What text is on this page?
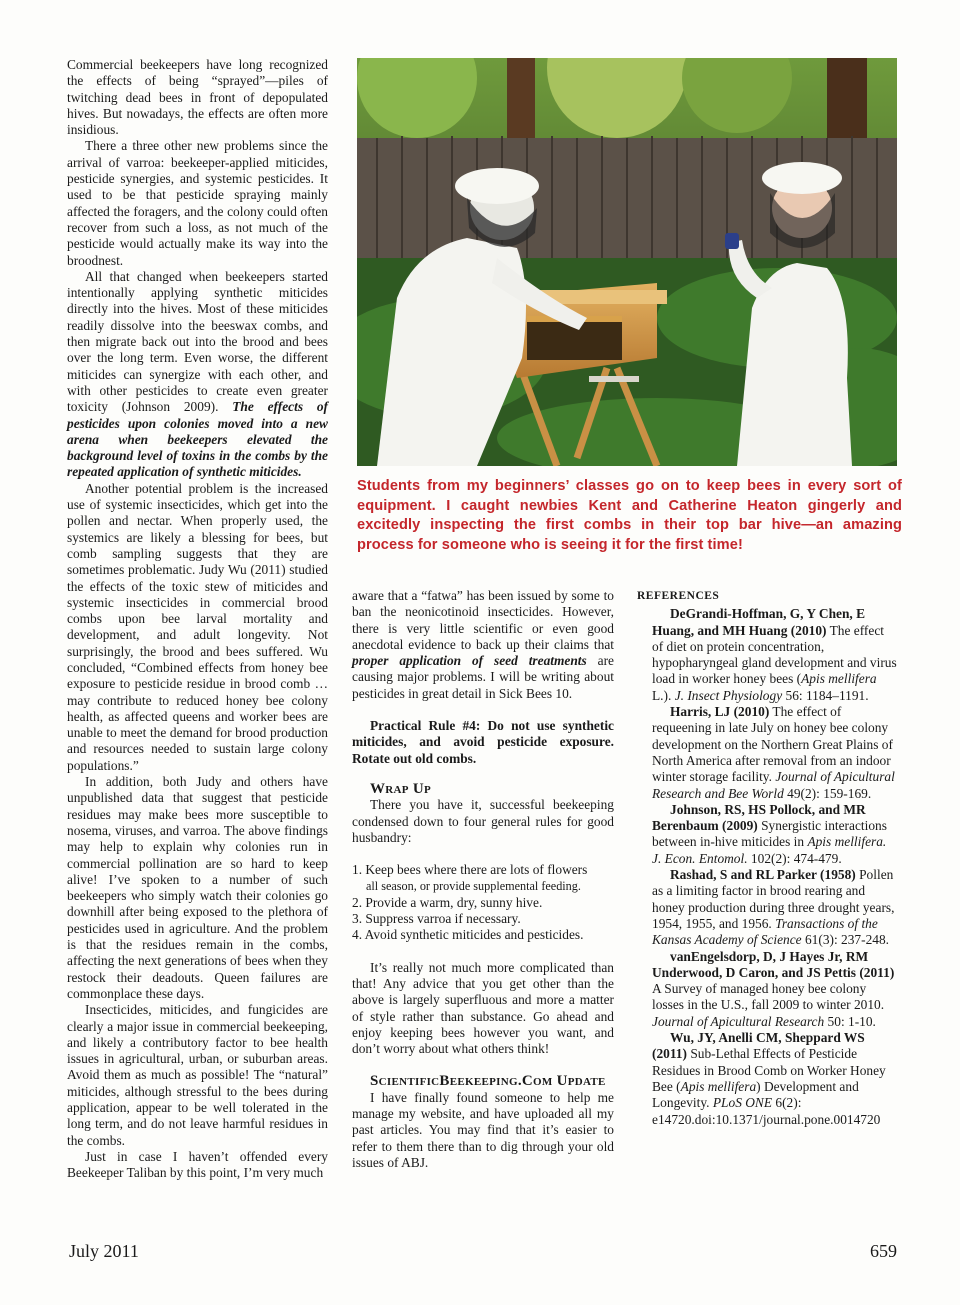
Commercial beekeepers have long recognized the effects of being “sprayed”—piles of twitching dead bees in front of depopulated hives. But nowadays, the effects are often more insidious.

There a three other new problems since the arrival of varroa: beekeeper-applied miticides, pesticide synergies, and systemic pesticides. It used to be that pesticide spraying mainly affected the foragers, and the colony could often recover from such a loss, as not much of the pesticide would actually make its way into the broodnest.

All that changed when beekeepers started intentionally applying synthetic miticides directly into the hives. Most of these miticides readily dissolve into the beeswax combs, and then migrate back out into the brood and bees over the long term. Even worse, the different miticides can synergize with each other, and with other pesticides to create even greater toxicity (Johnson 2009). The effects of pesticides upon colonies moved into a new arena when beekeepers elevated the background level of toxins in the combs by the repeated application of synthetic miticides.

Another potential problem is the increased use of systemic insecticides, which get into the pollen and nectar. When properly used, the systemics are likely a blessing for bees, but comb sampling suggests that they are sometimes problematic. Judy Wu (2011) studied the effects of the toxic stew of miticides and systemic insecticides in commercial brood combs upon bee larval mortality and development, and adult longevity. Not surprisingly, the brood and bees suffered. Wu concluded, “Combined effects from honey bee exposure to pesticide residue in brood comb … may contribute to reduced honey bee colony health, as affected queens and worker bees are unable to meet the demand for brood production and resources needed to sustain large colony populations.”

In addition, both Judy and others have unpublished data that suggest that pesticide residues may make bees more susceptible to nosema, viruses, and varroa. The above findings may help to explain why colonies run in commercial pollination are so hard to keep alive! I’ve spoken to a number of such beekeepers who simply watch their colonies go downhill after being exposed to the plethora of pesticides used in agriculture. And the problem is that the residues remain in the combs, affecting the next generations of bees when they restock their deadouts. Queen failures are commonplace these days.

Insecticides, miticides, and fungicides are clearly a major issue in commercial beekeeping, and likely a contributory factor to bee health issues in agricultural, urban, or suburban areas. Avoid them as much as possible! The “natural” miticides, although stressful to the bees during application, appear to be well tolerated in the long term, and do not leave harmful residues in the combs.

Just in case I haven’t offended every Beekeeper Taliban by this point, I’m very much

Students from my beginners’ classes go on to keep bees in every sort of equipment. I caught newbies Kent and Catherine Heaton gingerly and excitedly inspecting the first combs in their top bar hive—an amazing process for someone who is seeing it for the first time!

aware that a “fatwa” has been issued by some to ban the neonicotinoid insecticides. However, there is very little scientific or even good anecdotal evidence to back up their claims that proper application of seed treatments are causing major problems. I will be writing about pesticides in great detail in Sick Bees 10.

Practical Rule #4: Do not use synthetic miticides, and avoid pesticide exposure. Rotate out old combs.

Wrap Up

There you have it, successful beekeeping condensed down to four general rules for good husbandry:

1. Keep bees where there are lots of flowers
all season, or provide supplemental feeding.
2. Provide a warm, dry, sunny hive.
3. Suppress varroa if necessary.
4. Avoid synthetic miticides and pesticides.

It’s really not much more complicated than that! Any advice that you get other than the above is largely superfluous and more a matter of style rather than substance. Go ahead and enjoy keeping bees however you want, and don’t worry about what others think!

ScientificBeekeeping.Com Update

I have finally found someone to help me manage my website, and have uploaded all my past articles. You may find that it’s easier to refer to them there than to dig through your old issues of ABJ.

REFERENCES

DeGrandi-Hoffman, G, Y Chen, E Huang, and MH Huang (2010) The effect of diet on protein concentration, hypopharyngeal gland development and virus load in worker honey bees (Apis mellifera L.). J. Insect Physiology 56: 1184–1191.

Harris, LJ (2010) The effect of requeening in late July on honey bee colony development on the Northern Great Plains of North America after removal from an indoor winter storage facility. Journal of Apicultural Research and Bee World 49(2): 159-169.

Johnson, RS, HS Pollock, and MR Berenbaum (2009) Synergistic interactions between in-hive miticides in Apis mellifera. J. Econ. Entomol. 102(2): 474-479.

Rashad, S and RL Parker (1958) Pollen as a limiting factor in brood rearing and honey production during three drought years, 1954, 1955, and 1956. Transactions of the Kansas Academy of Science 61(3): 237-248.

vanEngelsdorp, D, J Hayes Jr, RM Underwood, D Caron, and JS Pettis (2011) A Survey of managed honey bee colony losses in the U.S., fall 2009 to winter 2010. Journal of Apicultural Research 50: 1-10.

Wu, JY, Anelli CM, Sheppard WS (2011) Sub-Lethal Effects of Pesticide Residues in Brood Comb on Worker Honey Bee (Apis mellifera) Development and Longevity. PLoS ONE 6(2): e14720.doi:10.1371/journal.pone.0014720

July 2011	659
